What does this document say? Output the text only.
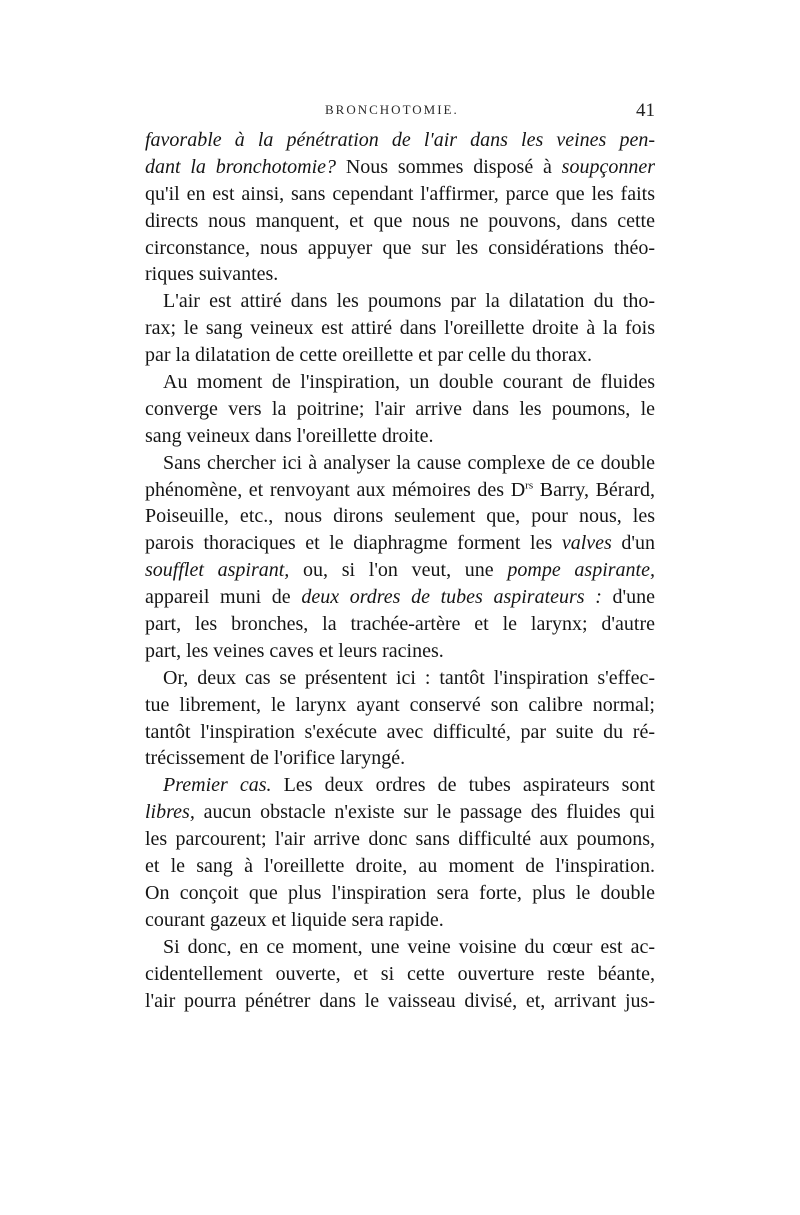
BRONCHOTOMIE.	41
favorable à la pénétration de l'air dans les veines pen-
dant la bronchotomie? Nous sommes disposé à soupçonner
qu'il en est ainsi, sans cependant l'affirmer, parce que les faits
directs nous manquent, et que nous ne pouvons, dans cette
circonstance, nous appuyer que sur les considérations théo-
riques suivantes.
L'air est attiré dans les poumons par la dilatation du tho-
rax; le sang veineux est attiré dans l'oreillette droite à la fois
par la dilatation de cette oreillette et par celle du thorax.
Au moment de l'inspiration, un double courant de fluides
converge vers la poitrine; l'air arrive dans les poumons, le
sang veineux dans l'oreillette droite.
Sans chercher ici à analyser la cause complexe de ce double
phénomène, et renvoyant aux mémoires des $D^{rs}$ Barry, Bérard,
Poiseuille, etc., nous dirons seulement que, pour nous, les
parois thoraciques et le diaphragme forment les valves d'un
soufflet aspirant, ou, si l'on veut, une pompe aspirante,
appareil muni de deux ordres de tubes aspirateurs : d'une
part, les bronches, la trachée-artère et le larynx; d'autre
part, les veines caves et leurs racines.
Or, deux cas se présentent ici : tantôt l'inspiration s'effec-
tue librement, le larynx ayant conservé son calibre normal;
tantôt l'inspiration s'exécute avec difficulté, par suite du ré-
trécissement de l'orifice laryngé.
Premier cas. Les deux ordres de tubes aspirateurs sont
libres, aucun obstacle n'existe sur le passage des fluides qui
les parcourent; l'air arrive donc sans difficulté aux poumons,
et le sang à l'oreillette droite, au moment de l'inspiration.
On conçoit que plus l'inspiration sera forte, plus le double
courant gazeux et liquide sera rapide.
Si donc, en ce moment, une veine voisine du cœur est ac-
cidentellement ouverte, et si cette ouverture reste béante,
l'air pourra pénétrer dans le vaisseau divisé, et, arrivant jus-
